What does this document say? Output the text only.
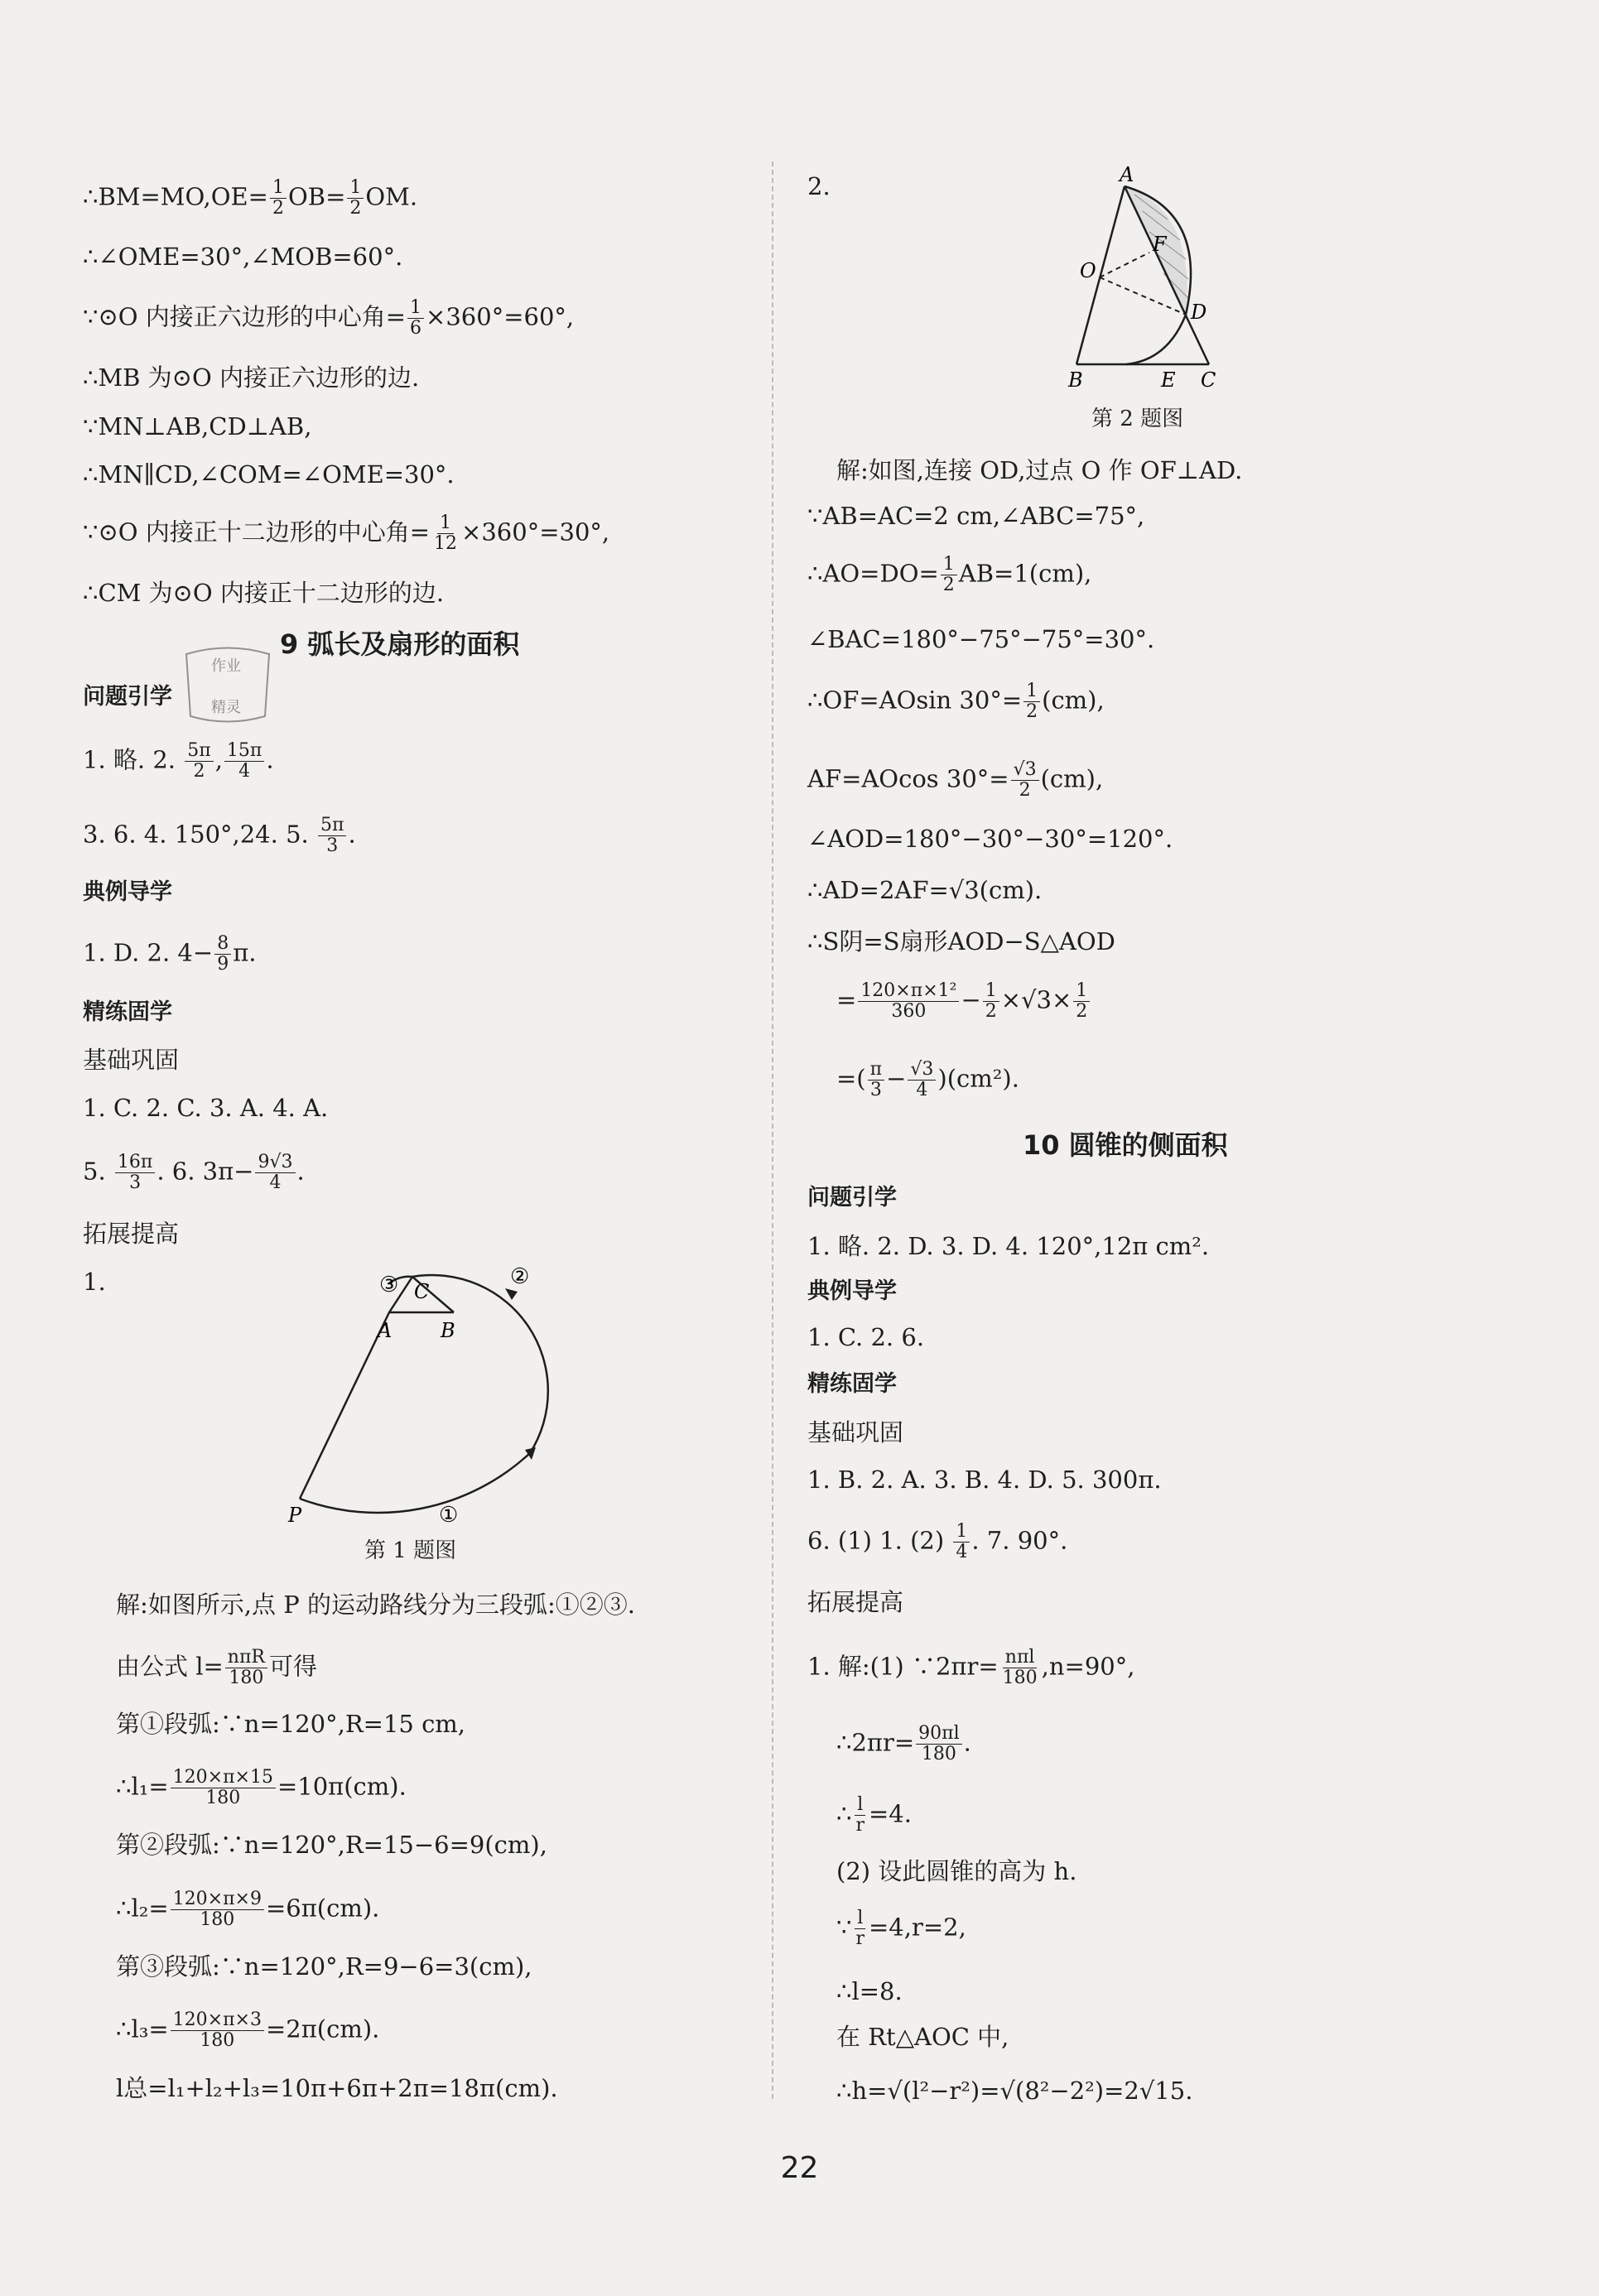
∴BM=MO,OE= $\frac{1}{2} OB= \frac{1}{2}$ OM.
∴∠OME=30°,∠MOB=60°.
∵⊙O 内接正六边形的中心角= $\frac{1}{6} \times 360^\circ=60^\circ$,
∴MB 为⊙O 内接正六边形的边.
∵MN⊥AB,CD⊥AB,
∴MN∥CD,∠COM=∠OME=30°.
∵⊙O 内接正十二边形的中心角= $\frac{1}{12} \times 360^\circ=30^\circ$,
∴CM 为⊙O 内接正十二边形的边.
9 弧长及扇形的面积
作业
精灵
问题引学
1. 略. 2. $\frac{5\pi}{2}$ , $\frac{15\pi}{4}$ .
3. 6. 4. 150°,24. 5. $\frac{5\pi}{3}$ .
典例导学
1. D. 2. $4- \frac{8}{9} \pi$.
精练固学
基础巩固
1. C. 2. C. 3. A. 4. A.
5. $\frac{16\pi}{3}$ . 6. $3\pi- \frac{9√3}{4}$ .
拓展提高
1.	③ C
②
A B
P	①
第 1 题图
解:如图所示,点 P 的运动路线分为三段弧:①②③.
由公式 $l= \frac{\text{nπR}}{180}$ 可得
第①段弧:∵n=120°,R=15 cm,
∴l₁= $\frac{120\times\pi\times 15}{180} =10\pi(cm)$.
第②段弧:∵n=120°,R=15−6=9(cm),
∴l₂= $\frac{120\times\pi\times 9}{180} =6\pi(cm)$.
第③段弧:∵n=120°,R=9−6=3(cm),
∴l₃= $\frac{120\times\pi\times 3}{180} =2\pi(cm)$.
l总=l₁+l₂+l₃=10π+6π+2π=18π(cm).
2.	A
O
F
D
B	E C
第 2 题图
解:如图,连接 OD,过点 O 作 OF⊥AD.
∵AB=AC=2 cm,∠ABC=75°,
∴AO=DO= $\frac{1}{2} AB=1(cm)$,
∠BAC=180°−75°−75°=30°.
∴OF=AOsin $30^\circ= \frac{1}{2} (cm)$,
AF=AOcos $30^\circ= \frac{√3}{2} (cm)$,
∠AOD=180°−30°−30°=120°.
∴AD=2AF=√3(cm).
∴S阴=S扇形AOD−S△AOD
= $\frac{\text{120×π×1²}}{360} - \frac{1}{2} \times√3\times \frac{1}{2}$
=( $\frac{\pi}{3} - \frac{√3}{4} )(cm^2)$.
10 圆锥的侧面积
问题引学
1. 略. 2. D. 3. D. 4. 120°,12π cm².
典例导学
1. C. 2. 6.
精练固学
基础巩固
1. B. 2. A. 3. B. 4. D. 5. 300π.
6. (1) 1. $(2) \frac{1}{4}$ . 7. 90°.
拓展提高
1. 解:(1) ∵2πr= $\frac{\text{nπl}}{180} ,n=90^\circ$,
∴2πr= $\frac{90\pi l}{180}$ .
∴ $\frac{l}{r} =4$.
(2) 设此圆锥的高为 h.
∵ $\frac{l}{r} =4,r=2$,
∴l=8.
在 Rt△AOC 中,
∴h=√(l²−r²)=√(8²−2²)=2√15.
22
